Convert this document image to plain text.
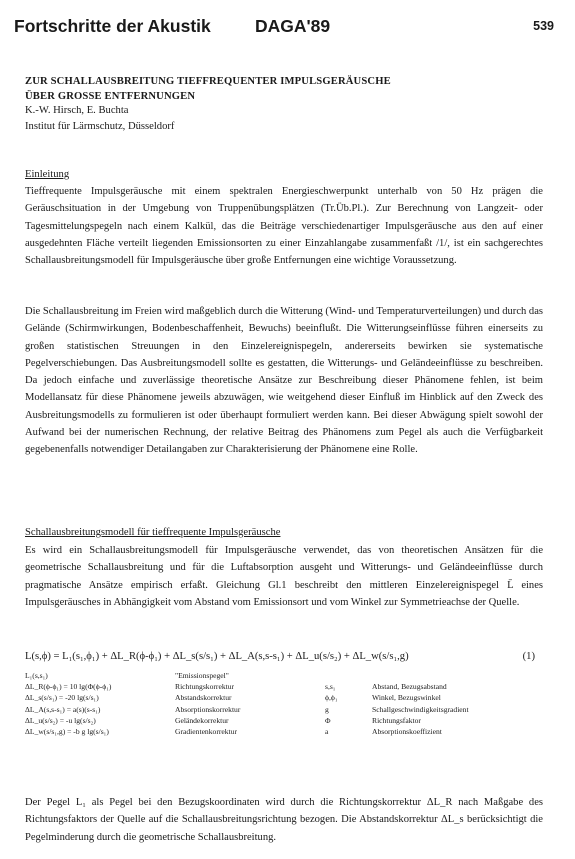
Fortschritte der Akustik	DAGA'89	539
ZUR SCHALLAUSBREITUNG TIEFFREQUENTER IMPULSGERÄUSCHE
ÜBER GROSSE ENTFERNUNGEN
K.-W. Hirsch, E. Buchta
Institut für Lärmschutz, Düsseldorf
Einleitung
Tieffrequente Impulsgeräusche mit einem spektralen Energieschwerpunkt unterhalb von 50 Hz prägen die Geräuschsituation in der Umgebung von Truppenübungsplätzen (Tr.Üb.Pl.). Zur Berechnung von Langzeit- oder Tagesmittelungspegeln nach einem Kalkül, das die Beiträge verschiedenartiger Impulsgeräusche aus den auf einer ausgedehnten Fläche verteilt liegenden Emissionsorten zu einer Einzahlangabe zusammenfaßt /1/, ist ein sachgerechtes Schallausbreitungsmodell für Impulsgeräusche über große Entfernungen eine wichtige Voraussetzung.
Die Schallausbreitung im Freien wird maßgeblich durch die Witterung (Wind- und Temperaturverteilungen) und durch das Gelände (Schirmwirkungen, Bodenbeschaffenheit, Bewuchs) beeinflußt. Die Witterungseinflüsse führen einerseits zu großen statistischen Streuungen in den Einzelereignispegeln, andererseits bewirken sie systematische Pegelverschiebungen. Das Ausbreitungsmodell sollte es gestatten, die Witterungs- und Geländeeinflüsse zu beschreiben. Da jedoch einfache und zuverlässige theoretische Ansätze zur Beschreibung dieser Phänomene fehlen, ist beim Modellansatz für diese Phänomene jeweils abzuwägen, wie weitgehend dieser Einfluß im Hinblick auf den Zweck des Ausbreitungsmodells zu formulieren ist oder überhaupt formuliert werden kann. Bei dieser Abwägung spielt sowohl der Aufwand bei der numerischen Rechnung, der relative Beitrag des Phänomens zum Pegel als auch die Verfügbarkeit gegebenenfalls notwendiger Detailangaben zur Charakterisierung der Phänomene eine Rolle.
Schallausbreitungsmodell für tieffrequente Impulsgeräusche
Es wird ein Schallausbreitungsmodell für Impulsgeräusche verwendet, das von theoretischen Ansätzen für die geometrische Schallausbreitung und für die Luftabsorption ausgeht und Witterungs- und Geländeeinflüsse durch pragmatische Ansätze empirisch erfaßt. Gleichung Gl.1 beschreibt den mittleren Einzelereignispegel L̄ eines Impulsgeräusches in Abhängigkeit vom Abstand vom Emissionsort und vom Winkel zur Symmetrieachse der Quelle.
L(s,ϕ) = L₁(s₁,ϕ₁) + ΔL_R(ϕ-ϕ₁) + ΔL_s(s/s₁) + ΔL_A(s,s-s₁) + ΔL_u(s/s₂) + ΔL_w(s/s₁,g)	(1)
L₁(s,s₁)	"Emissionspegel"
ΔL_R(ϕ-ϕ₁) = 10 lg(Φ(ϕ-ϕ₁)	Richtungskorrektur	s,s₁	Abstand, Bezugsabstand
ΔL_s(s/s₁) = -20 lg(s/s₁)	Abstandskorrektur	ϕ,ϕ₁	Winkel, Bezugswinkel
ΔL_A(s,s-s₁) = a(s)(s-s₁)	Absorptionskorrektur	g	Schallgeschwindigkeitsgradient
ΔL_u(s/s₂) = -u lg(s/s₂)	Geländekorrektur	Φ	Richtungsfaktor
ΔL_w(s/s₁,g) = -b g lg(s/s₁)	Gradientenkorrektur	a	Absorptionskoeffizient
Der Pegel L₁ als Pegel bei den Bezugskoordinaten wird durch die Richtungskorrektur ΔL_R nach Maßgabe des Richtungsfaktors der Quelle auf die Schallausbreitungsrichtung bezogen. Die Abstandskorrektur ΔL_s berücksichtigt die Pegelminderung durch die geometrische Schallausbreitung.
